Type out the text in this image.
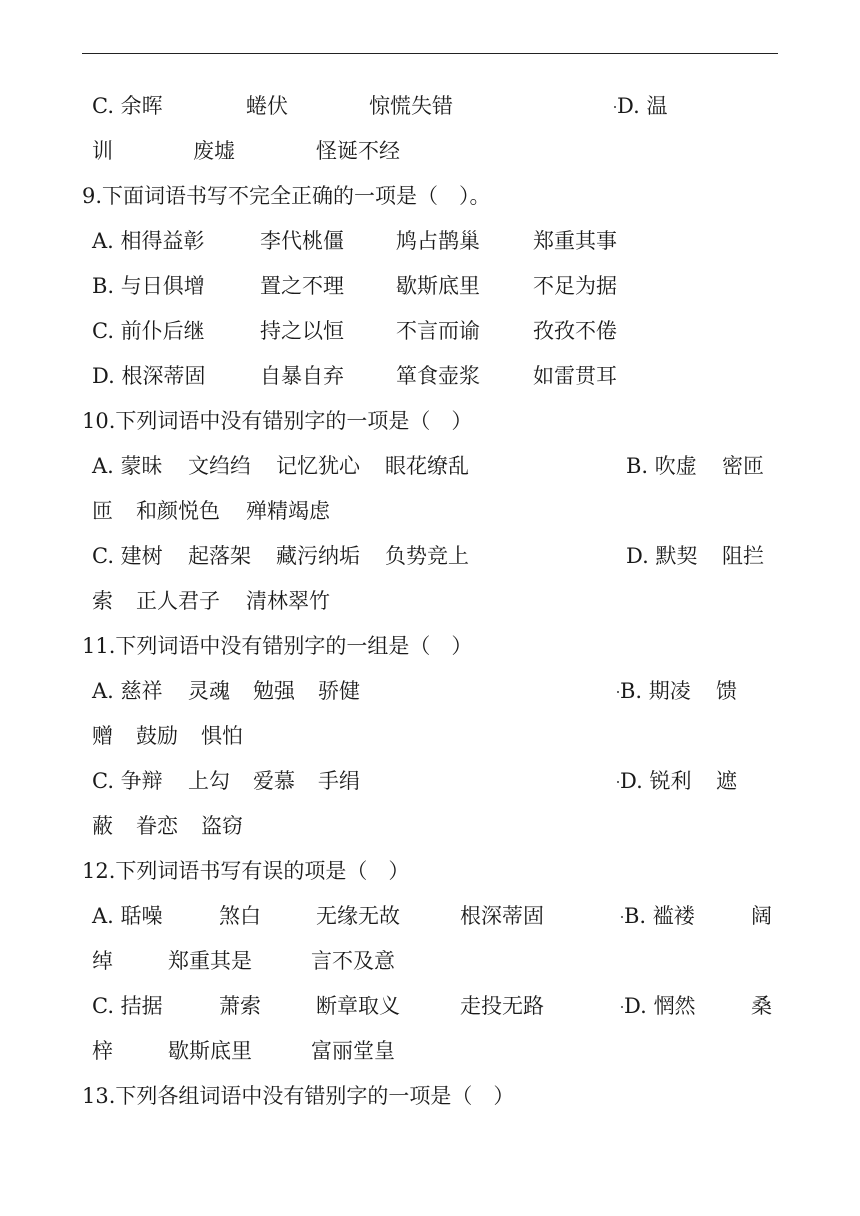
C. 余晖	蜷伏	惊慌失错	D. 温
训	废墟	怪诞不经
9.下面词语书写不完全正确的一项是（　）。
A. 相得益彰	李代桃僵 鸠占鹊巢	郑重其事
B. 与日俱增	置之不理 歇斯底里	不足为据
C. 前仆后继	持之以恒 不言而谕	孜孜不倦
D. 根深蒂固	自暴自弃 箪食壶浆	如雷贯耳
10.下列词语中没有错别字的一项是（　）
A. 蒙昧 文绉绉 记忆犹心 眼花缭乱	B. 吹虚 密匝
匝 和颜悦色 殚精竭虑
C. 建树 起落架 藏污纳垢 负势竞上	D. 默契 阻拦
索 正人君子 清林翠竹
11.下列词语中没有错别字的一组是（　）
A. 慈祥 灵魂 勉强 骄健	B. 期凌 馈
赠 鼓励 惧怕
C. 争辩 上勾 爱慕 手绢	D. 锐利 遮
蔽 眷恋 盗窃
12.下列词语书写有误的项是（　）
A. 聒噪	煞白	无缘无故	根深蒂固	B. 褴褛	阔
绰	郑重其是	言不及意
C. 拮据	萧索	断章取义	走投无路	D. 惘然	桑
梓	歇斯底里	富丽堂皇
13.下列各组词语中没有错别字的一项是（　）
